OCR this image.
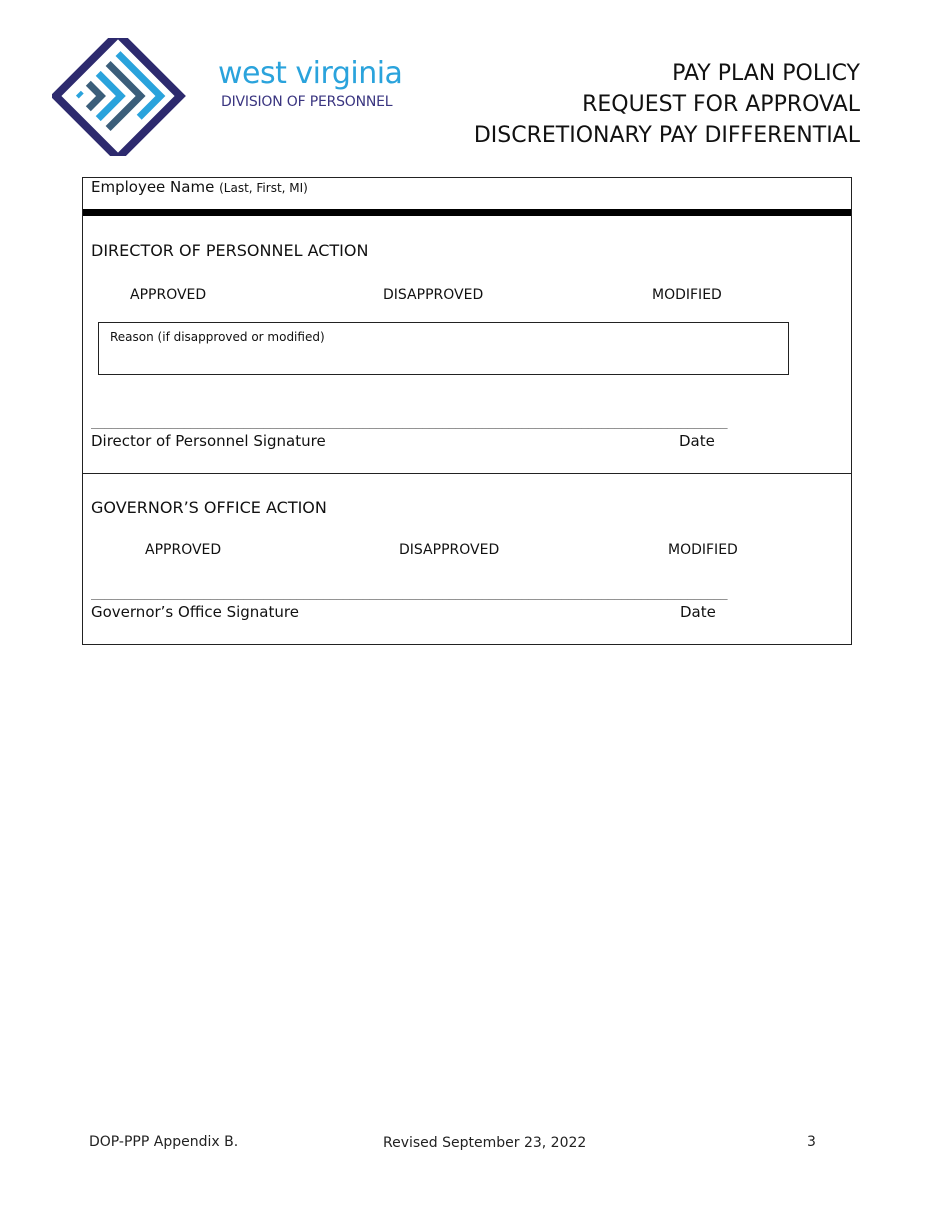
west virginia
DIVISION OF PERSONNEL
PAY PLAN POLICY
REQUEST FOR APPROVAL
DISCRETIONARY PAY DIFFERENTIAL
Employee Name (Last, First, MI)
DIRECTOR OF PERSONNEL ACTION
APPROVED	DISAPPROVED	MODIFIED
Reason (if disapproved or modified)
________________________________________________________________________________________________
Director of Personnel Signature	Date
GOVERNOR’S OFFICE ACTION
APPROVED	DISAPPROVED	MODIFIED
________________________________________________________________________________________________
Governor’s Office Signature	Date
DOP-PPP Appendix B.	Revised September 23, 2022	3
